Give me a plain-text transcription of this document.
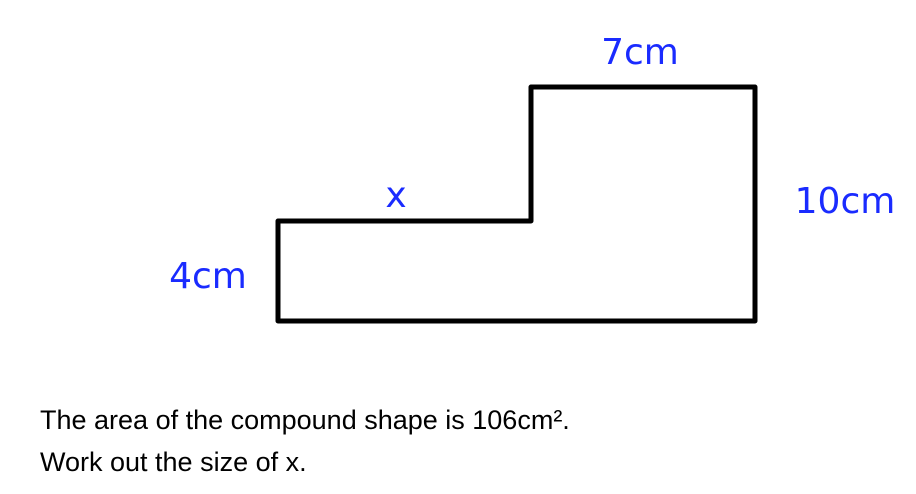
7cm
10cm
4cm
x
The area of the compound shape is 106cm².
Work out the size of x.
